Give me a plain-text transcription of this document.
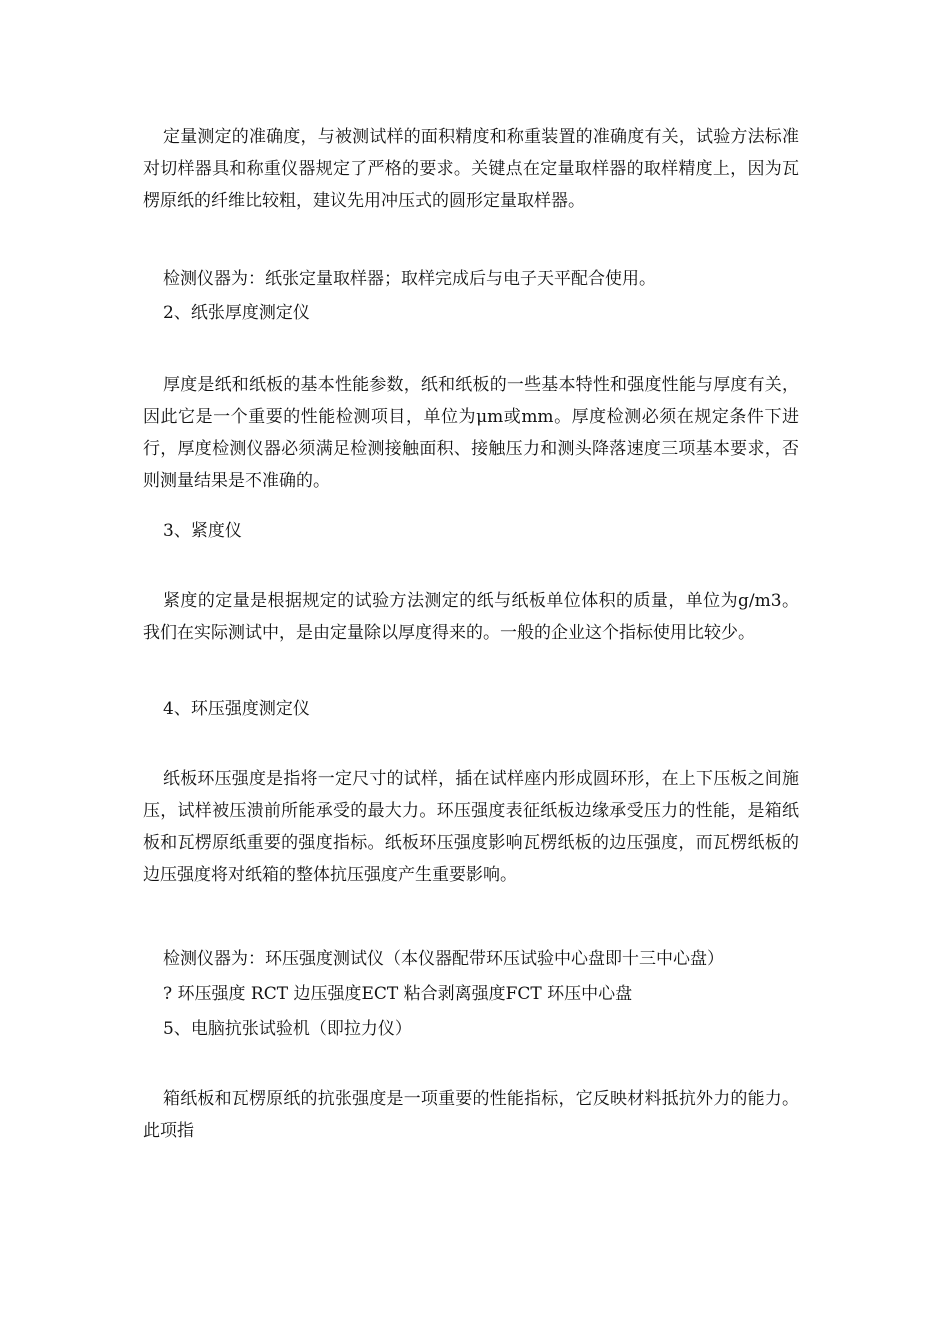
定量测定的准确度，与被测试样的面积精度和称重装置的准确度有关，试验方法标准对切样器具和称重仪器规定了严格的要求。关键点在定量取样器的取样精度上，因为瓦楞原纸的纤维比较粗，建议先用冲压式的圆形定量取样器。

检测仪器为：纸张定量取样器；取样完成后与电子天平配合使用。

2、纸张厚度测定仪

厚度是纸和纸板的基本性能参数，纸和纸板的一些基本特性和强度性能与厚度有关，因此它是一个重要的性能检测项目，单位为μm或mm。厚度检测必须在规定条件下进行，厚度检测仪器必须满足检测接触面积、接触压力和测头降落速度三项基本要求，否则测量结果是不准确的。

3、紧度仪

紧度的定量是根据规定的试验方法测定的纸与纸板单位体积的质量，单位为g/m3。我们在实际测试中，是由定量除以厚度得来的。一般的企业这个指标使用比较少。

4、环压强度测定仪

纸板环压强度是指将一定尺寸的试样，插在试样座内形成圆环形，在上下压板之间施压，试样被压溃前所能承受的最大力。环压强度表征纸板边缘承受压力的性能，是箱纸板和瓦楞原纸重要的强度指标。纸板环压强度影响瓦楞纸板的边压强度，而瓦楞纸板的边压强度将对纸箱的整体抗压强度产生重要影响。

检测仪器为：环压强度测试仪（本仪器配带环压试验中心盘即十三中心盘）

? 环压强度 RCT 边压强度ECT 粘合剥离强度FCT 环压中心盘

5、电脑抗张试验机（即拉力仪）

箱纸板和瓦楞原纸的抗张强度是一项重要的性能指标，它反映材料抵抗外力的能力。此项指
